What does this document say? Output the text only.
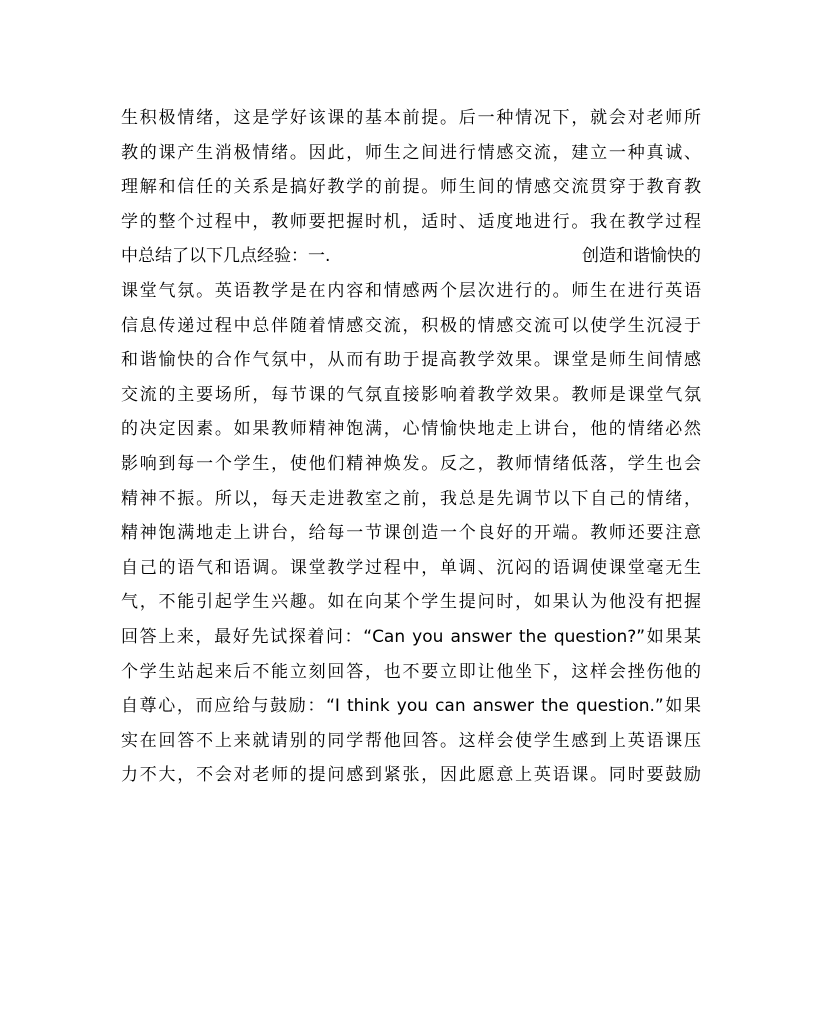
生积极情绪，这是学好该课的基本前提。后一种情况下，就会对老师所
教的课产生消极情绪。因此，师生之间进行情感交流，建立一种真诚、
理解和信任的关系是搞好教学的前提。师生间的情感交流贯穿于教育教
学的整个过程中，教师要把握时机，适时、适度地进行。我在教学过程
中总结了以下几点经验：一.	创造和谐愉快的
课堂气氛。英语教学是在内容和情感两个层次进行的。师生在进行英语
信息传递过程中总伴随着情感交流，积极的情感交流可以使学生沉浸于
和谐愉快的合作气氛中，从而有助于提高教学效果。课堂是师生间情感
交流的主要场所，每节课的气氛直接影响着教学效果。教师是课堂气氛
的决定因素。如果教师精神饱满，心情愉快地走上讲台，他的情绪必然
影响到每一个学生，使他们精神焕发。反之，教师情绪低落，学生也会
精神不振。所以，每天走进教室之前，我总是先调节以下自己的情绪，
精神饱满地走上讲台，给每一节课创造一个良好的开端。教师还要注意
自己的语气和语调。课堂教学过程中，单调、沉闷的语调使课堂毫无生
气，不能引起学生兴趣。如在向某个学生提问时，如果认为他没有把握
回答上来，最好先试探着问：“Can you answer the question?”如果某
个学生站起来后不能立刻回答，也不要立即让他坐下，这样会挫伤他的
自尊心，而应给与鼓励：“I think you can answer the question.”如果
实在回答不上来就请别的同学帮他回答。这样会使学生感到上英语课压
力不大，不会对老师的提问感到紧张，因此愿意上英语课。同时要鼓励
